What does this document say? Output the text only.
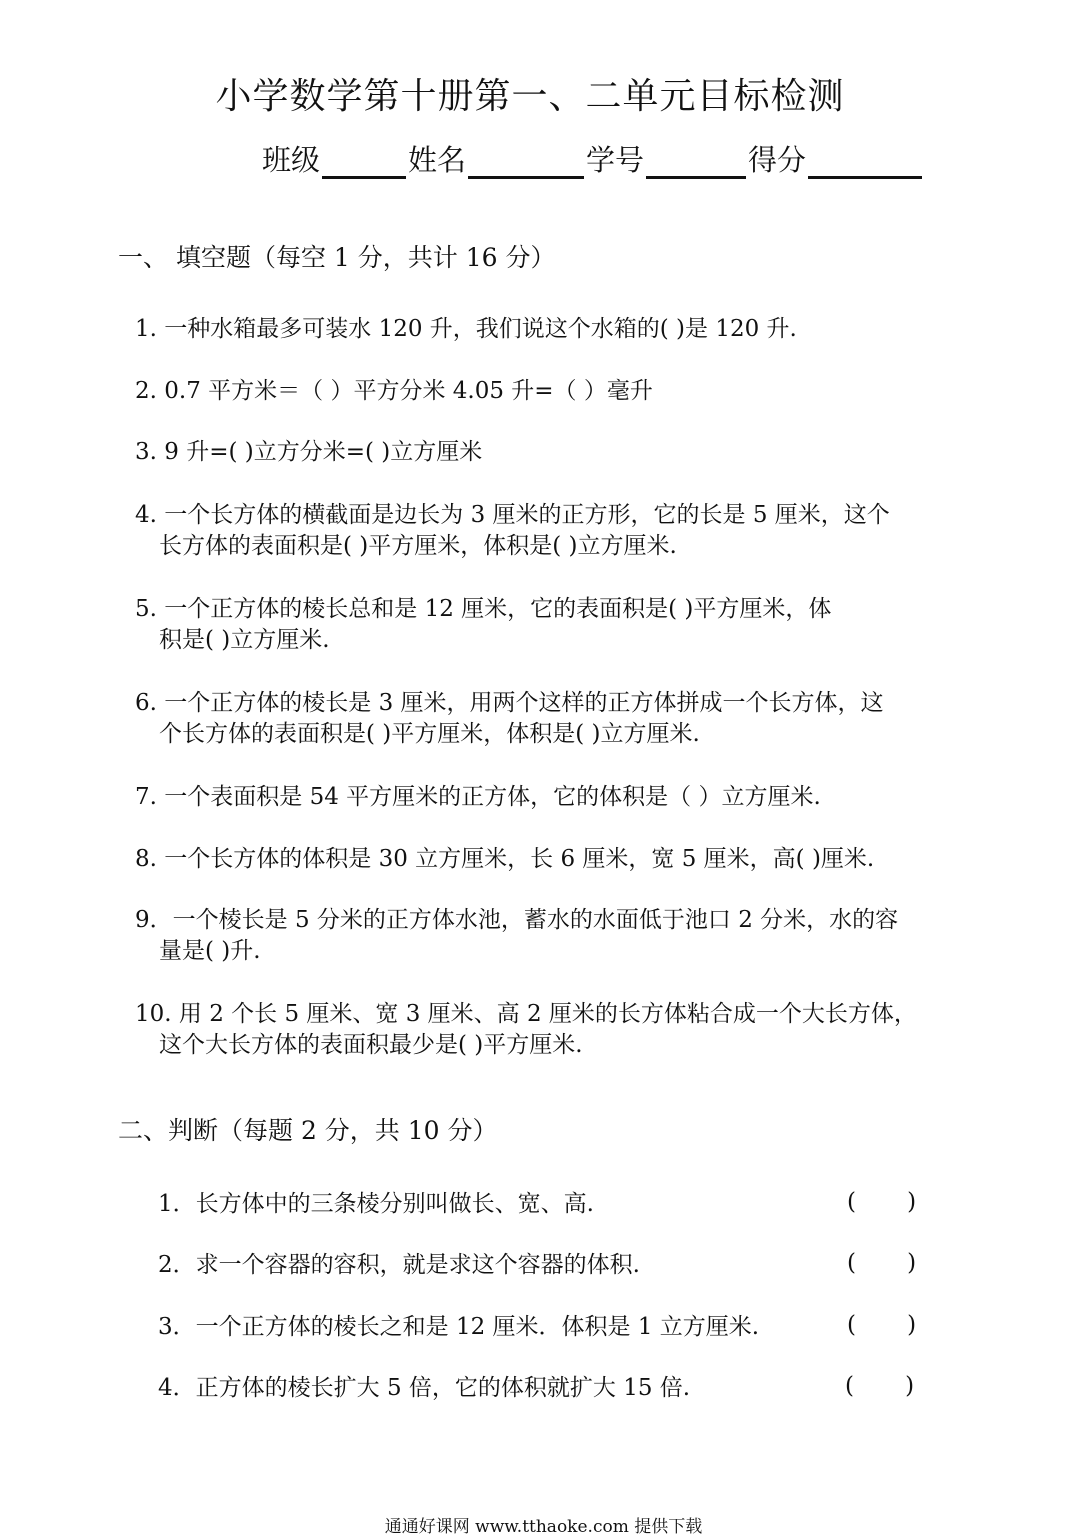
小学数学第十册第一、二单元目标检测
班级	姓名	学号	得分
一、 填空题（每空 1 分，共计 16 分）
1. 一种水箱最多可装水 120 升，我们说这个水箱的( )是 120 升.
2. 0.7 平方米＝（ ）平方分米 4.05 升=（ ）毫升
3. 9 升=( )立方分米=( )立方厘米
4. 一个长方体的横截面是边长为 3 厘米的正方形，它的长是 5 厘米，这个
长方体的表面积是( )平方厘米，体积是( )立方厘米.
5. 一个正方体的棱长总和是 12 厘米，它的表面积是( )平方厘米，体
积是( )立方厘米.
6. 一个正方体的棱长是 3 厘米，用两个这样的正方体拼成一个长方体，这
个长方体的表面积是( )平方厘米，体积是( )立方厘米.
7. 一个表面积是 54 平方厘米的正方体，它的体积是（ ）立方厘米.
8. 一个长方体的体积是 30 立方厘米，长 6 厘米，宽 5 厘米，高( )厘米.
9．一个棱长是 5 分米的正方体水池，蓄水的水面低于池口 2 分米，水的容
量是( )升.
10. 用 2 个长 5 厘米、宽 3 厘米、高 2 厘米的长方体粘合成一个大长方体，
这个大长方体的表面积最少是( )平方厘米.
二、判断（每题 2 分，共 10 分）
1．长方体中的三条棱分别叫做长、宽、高.	(       )
2．求一个容器的容积，就是求这个容器的体积.	(       )
3．一个正方体的棱长之和是 12 厘米．体积是 1 立方厘米.	(       )
4．正方体的棱长扩大 5 倍，它的体积就扩大 15 倍.	(       )
通通好课网 www.tthaoke.com 提供下载
